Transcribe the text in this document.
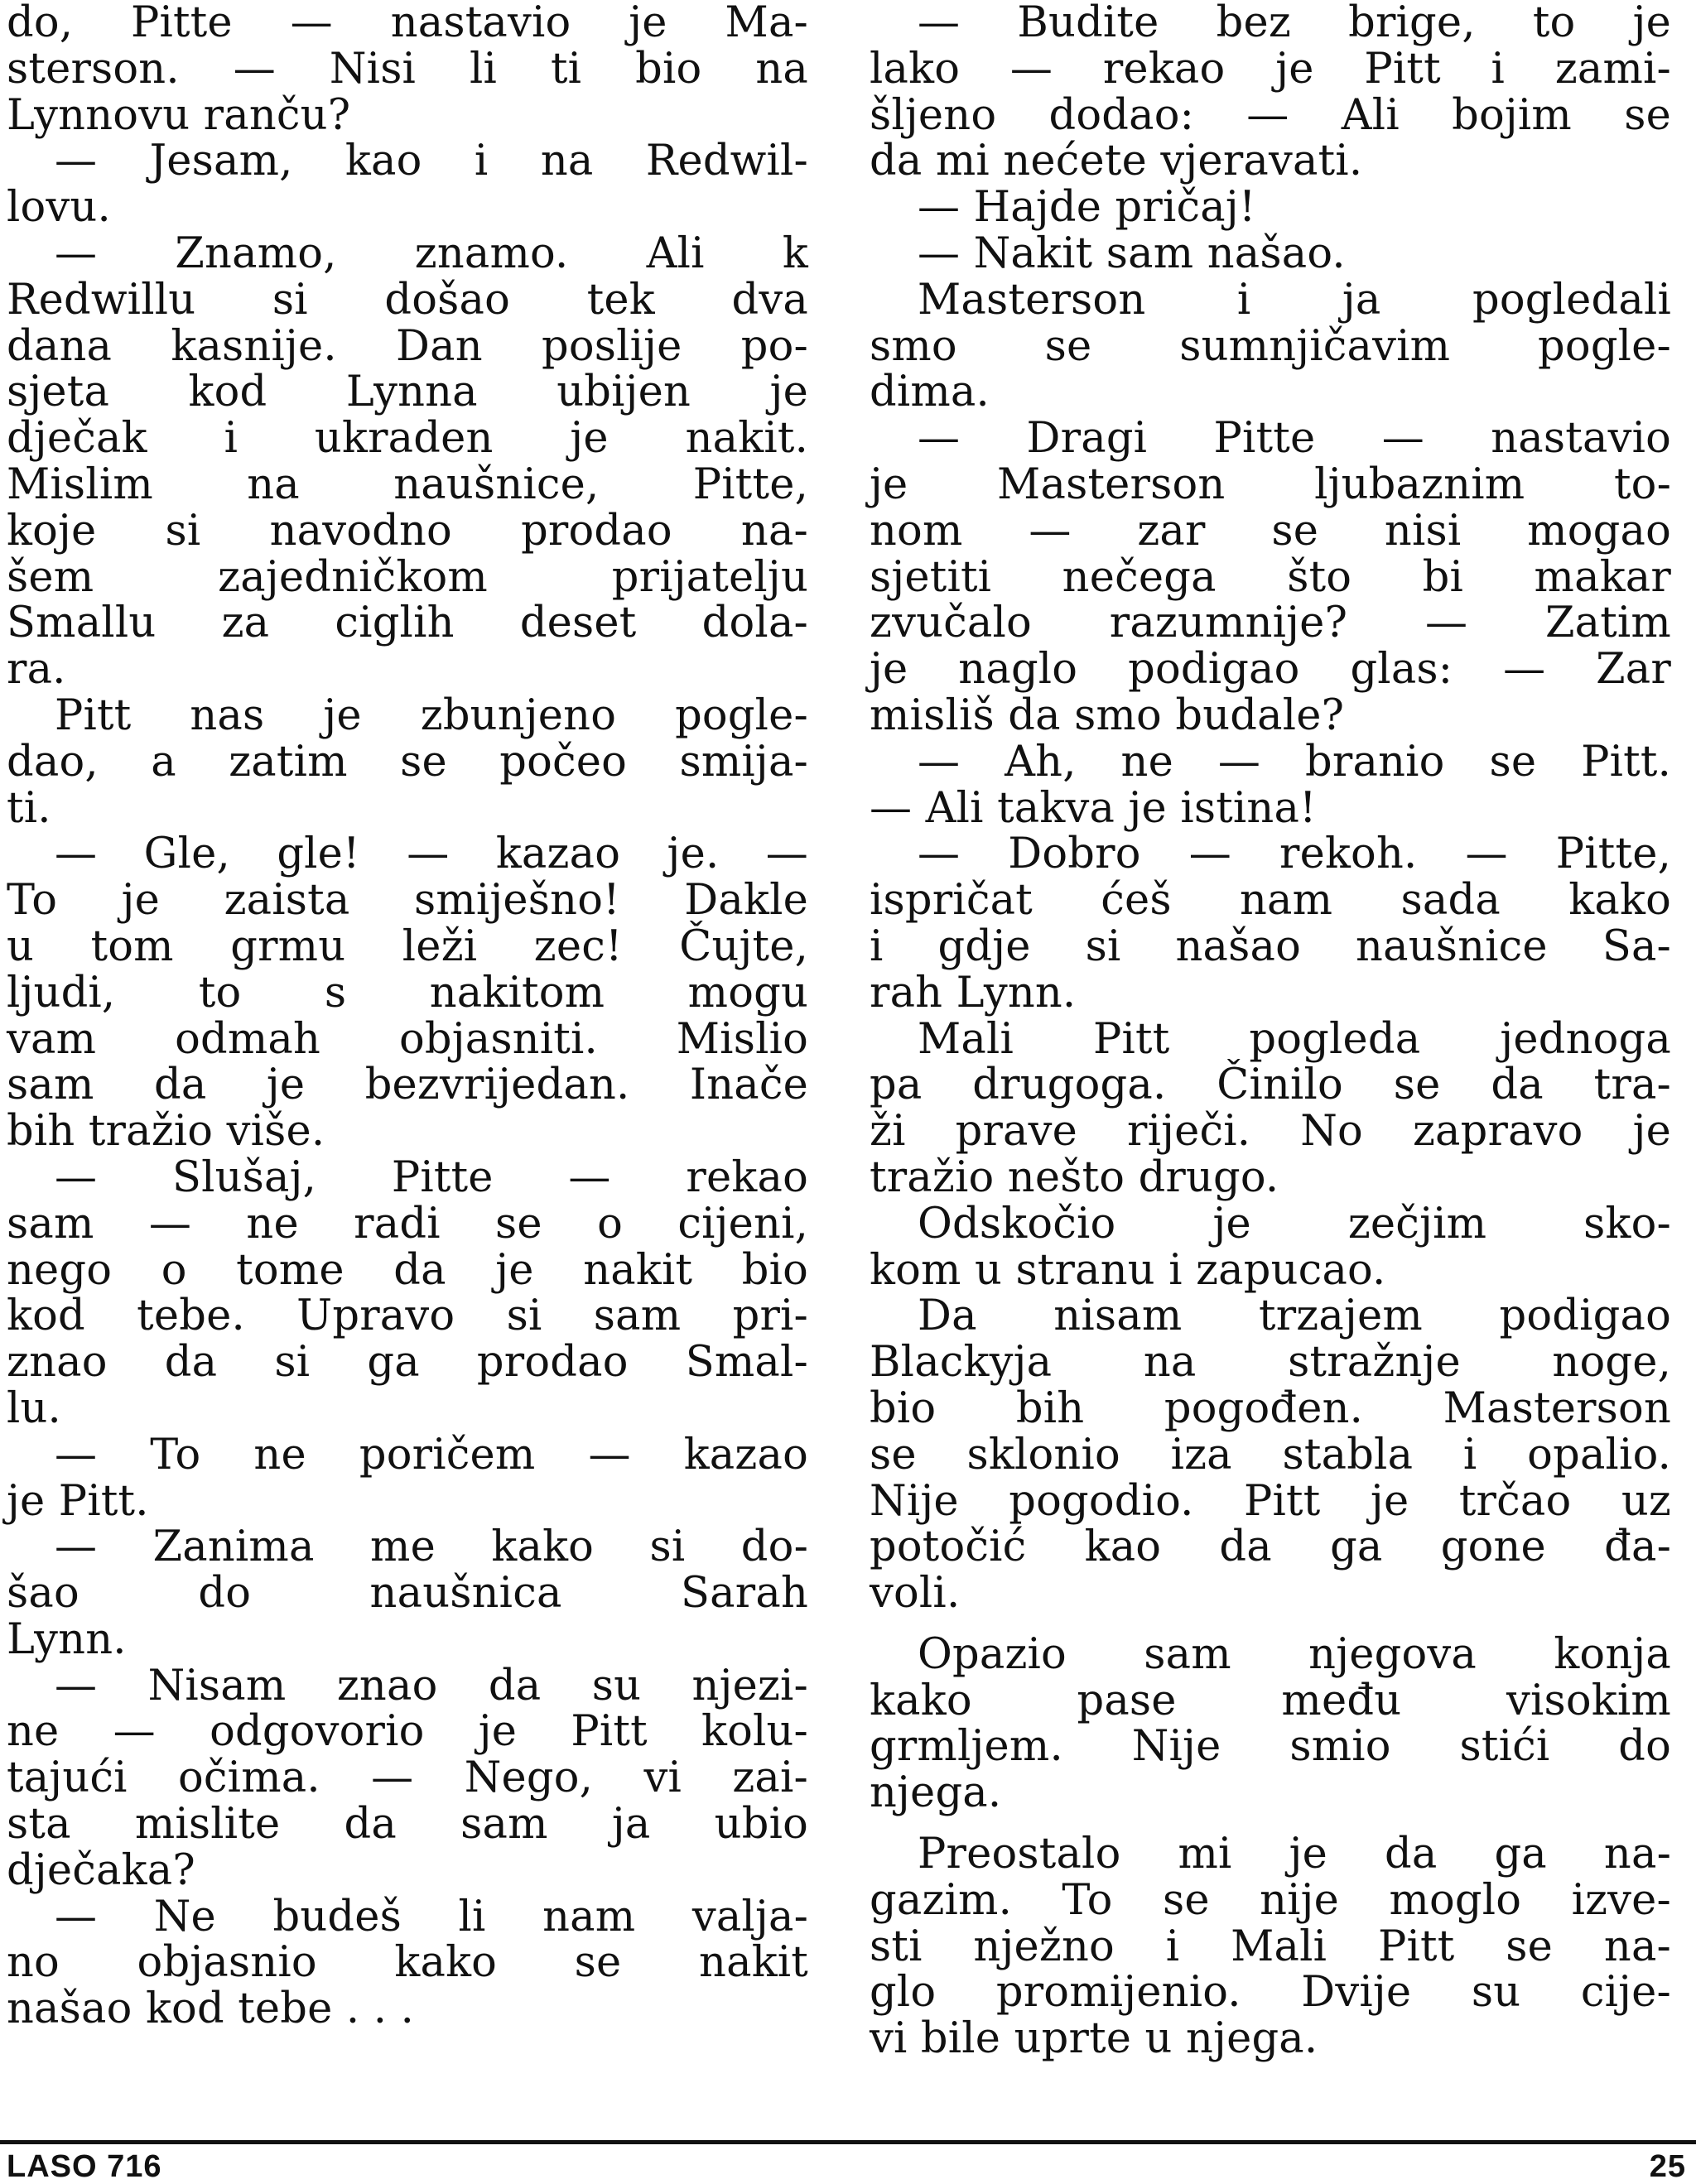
do, Pitte — nastavio je Ma-
sterson. — Nisi li ti bio na
Lynnovu ranču?
— Jesam, kao i na Redwil-
lovu.
— Znamo, znamo. Ali k
Redwillu si došao tek dva
dana kasnije. Dan poslije po-
sjeta kod Lynna ubijen je
dječak i ukraden je nakit.
Mislim na naušnice, Pitte,
koje si navodno prodao na-
šem zajedničkom prijatelju
Smallu za ciglih deset dola-
ra.
Pitt nas je zbunjeno pogle-
dao, a zatim se počeo smija-
ti.
— Gle, gle! — kazao je. —
To je zaista smiješno! Dakle
u tom grmu leži zec! Čujte,
ljudi, to s nakitom mogu
vam odmah objasniti. Mislio
sam da je bezvrijedan. Inače
bih tražio više.
— Slušaj, Pitte — rekao
sam — ne radi se o cijeni,
nego o tome da je nakit bio
kod tebe. Upravo si sam pri-
znao da si ga prodao Smal-
lu.
— To ne poričem — kazao
je Pitt.
— Zanima me kako si do-
šao do naušnica Sarah
Lynn.
— Nisam znao da su njezi-
ne — odgovorio je Pitt kolu-
tajući očima. — Nego, vi zai-
sta mislite da sam ja ubio
dječaka?
— Ne budeš li nam valja-
no objasnio kako se nakit
našao kod tebe . . .
— Budite bez brige, to je
lako — rekao je Pitt i zami-
šljeno dodao: — Ali bojim se
da mi nećete vjeravati.
— Hajde pričaj!
— Nakit sam našao.
Masterson i ja pogledali
smo se sumnjičavim pogle-
dima.
— Dragi Pitte — nastavio
je Masterson ljubaznim to-
nom — zar se nisi mogao
sjetiti nečega što bi makar
zvučalo razumnije? — Zatim
je naglo podigao glas: — Zar
misliš da smo budale?
— Ah, ne — branio se Pitt.
— Ali takva je istina!
— Dobro — rekoh. — Pitte,
ispričat ćeš nam sada kako
i gdje si našao naušnice Sa-
rah Lynn.
Mali Pitt pogleda jednoga
pa drugoga. Činilo se da tra-
ži prave riječi. No zapravo je
tražio nešto drugo.
Odskočio je zečjim sko-
kom u stranu i zapucao.
Da nisam trzajem podigao
Blackyja na stražnje noge,
bio bih pogođen. Masterson
se sklonio iza stabla i opalio.
Nije pogodio. Pitt je trčao uz
potočić kao da ga gone đa-
voli.
Opazio sam njegova konja
kako pase među visokim
grmljem. Nije smio stići do
njega.
Preostalo mi je da ga na-
gazim. To se nije moglo izve-
sti nježno i Mali Pitt se na-
glo promijenio. Dvije su cije-
vi bile uprte u njega.
LASO 716	25
